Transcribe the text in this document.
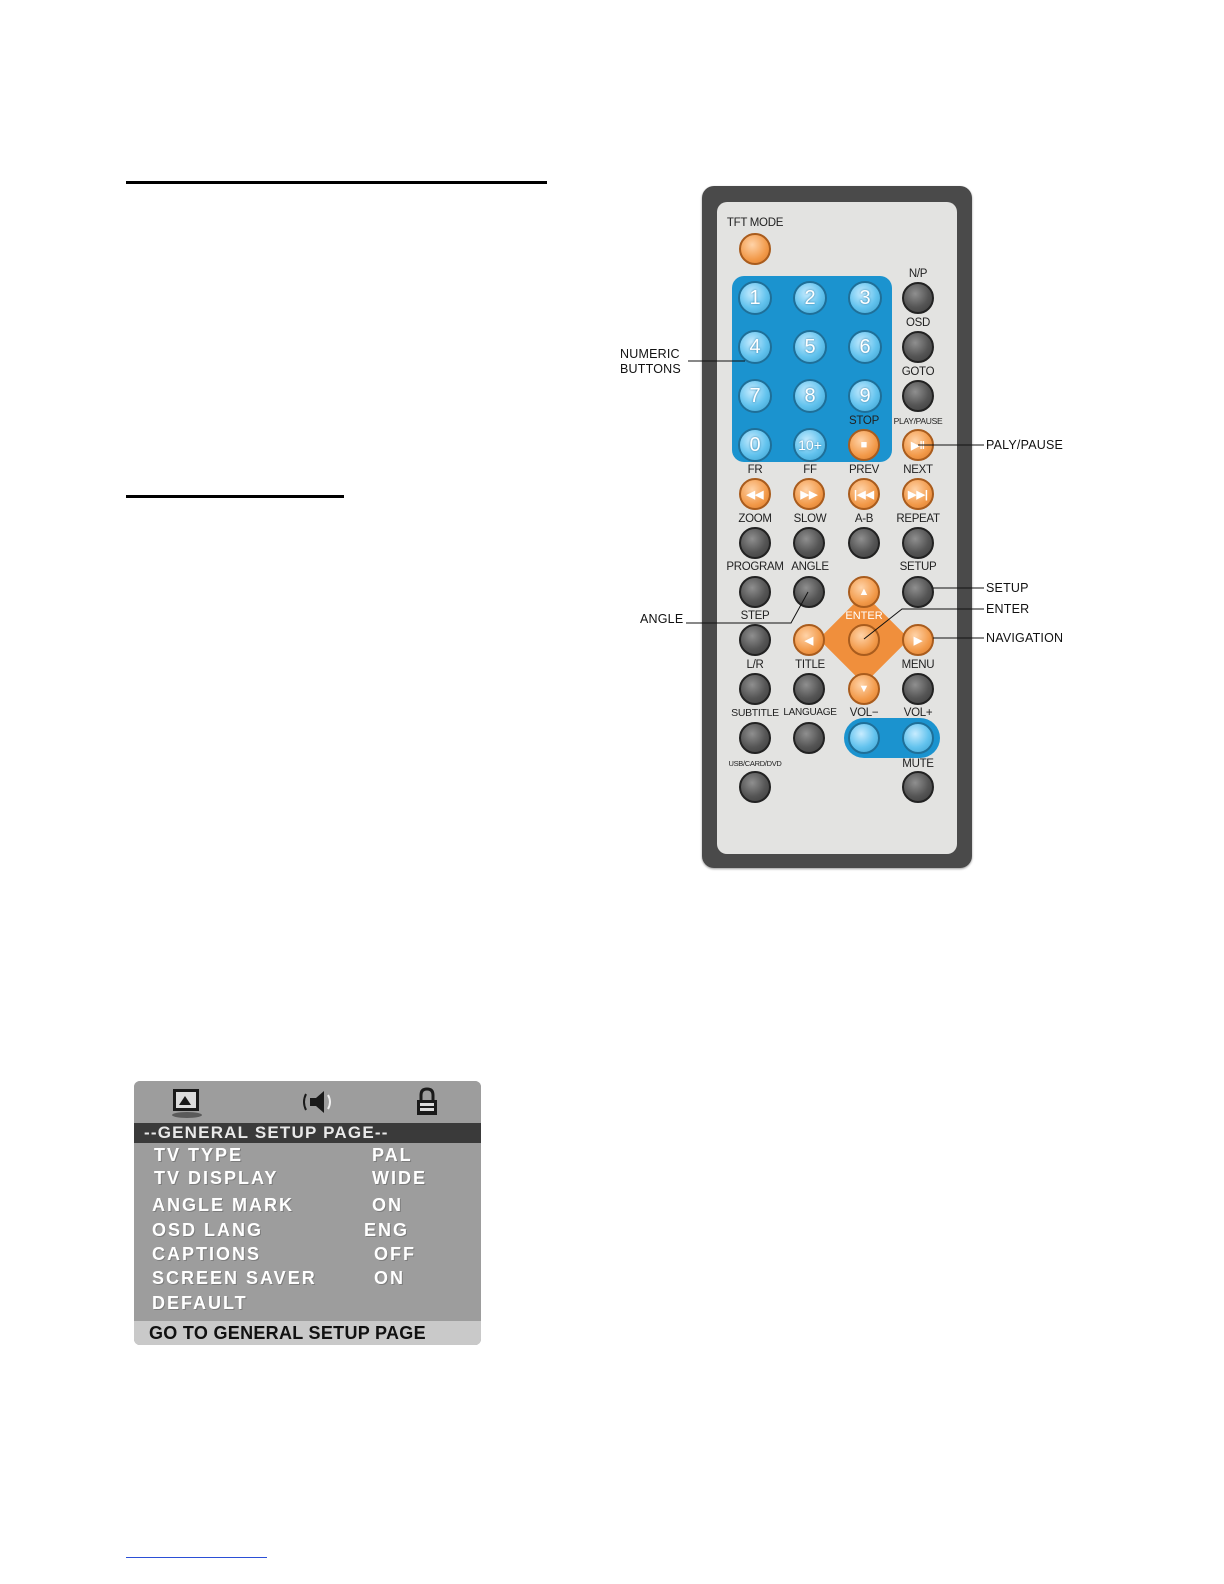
ENTER
TFT MODE
N/P
OSD
GOTO
STOP	PLAY/PAUSE
FR	FF	PREV	NEXT
ZOOM	SLOW	A-B	REPEAT
PROGRAM ANGLE	SETUP
STEP
L/R	TITLE	MENU
SUBTITLE LANGUAGE	VOL−	VOL+
USB/CARD/DVD	MUTE
1 2 3
4 5 6
7 8 9
0	10+	■	▶‖
◀◀	▶▶	|◀◀	▶▶|
▲
◀	▶
▼
NUMERIC
BUTTONS
ANGLE
PALY/PAUSE
SETUP
ENTER
NAVIGATION
--GENERAL SETUP PAGE--
TV TYPE	PAL
TV DISPLAY	WIDE
ANGLE MARK	ON
OSD LANG	ENG
CAPTIONS	OFF
SCREEN SAVER	ON
DEFAULT
GO TO GENERAL SETUP PAGE
